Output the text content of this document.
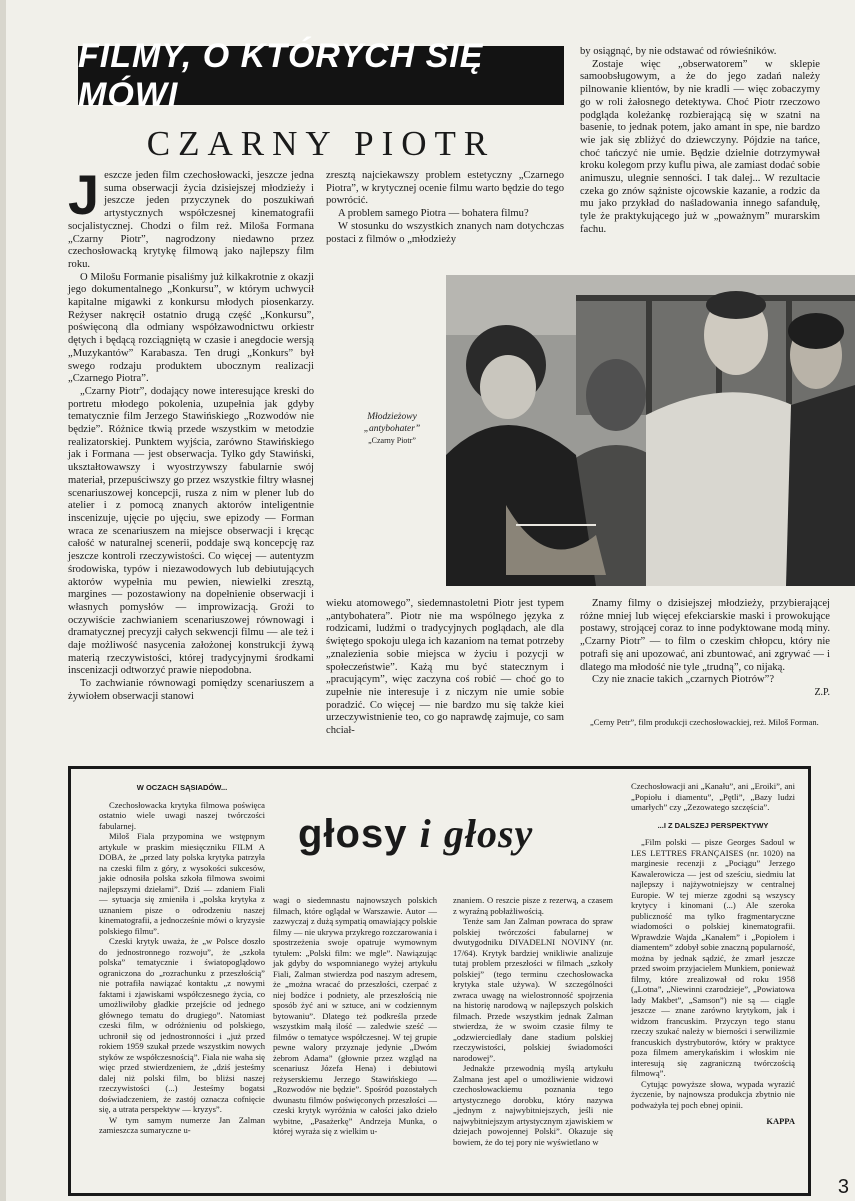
FILMY, O KTÓRYCH SIĘ MÓWI
CZARNY PIOTR

Jeszcze jeden film czechosłowacki, jeszcze jedna suma obserwacji życia dzisiejszej młodzieży i jeszcze jeden przyczynek do poszukiwań artystycznych współczesnej kinematografii socjalistycznej. Chodzi o film reż. Miloša Formana „Czarny Piotr”, nagrodzony niedawno przez czechosłowacką krytykę filmową jako najlepszy film roku.

O Milošu Formanie pisaliśmy już kilkakrotnie z okazji jego dokumentalnego „Konkursu”, w którym uchwycił kapitalne migawki z konkursu młodych piosenkarzy. Reżyser nakręcił ostatnio drugą część „Konkursu”, poświęconą dla odmiany współzawodnictwu orkiestr dętych i będącą rozciągniętą w czasie i anegdocie wersją „Muzykantów” Karabasza. Ten drugi „Konkurs” był swego rodzaju produktem ubocznym realizacji „Czarnego Piotra”.

„Czarny Piotr”, dodający nowe interesujące kreski do portretu młodego pokolenia, uzupełnia jak gdyby tematycznie film Jerzego Stawińskiego „Rozwodów nie będzie”. Różnice tkwią przede wszystkim w metodzie realizatorskiej. Punktem wyjścia, zarówno Stawińskiego jak i Formana — jest obserwacja. Tylko gdy Stawiński, ukształtowawszy i wyostrzywszy fabularnie swój materiał, przepuściwszy go przez wszystkie filtry własnej scenariuszowej koncepcji, rusza z nim w plener lub do atelier i z pomocą znanych aktorów inteligentnie inscenizuje, ujęcie po ujęciu, swe epizody — Forman wraca ze scenariuszem na miejsce obserwacji i kręcąc całość w naturalnej scenerii, poddaje swą koncepcję raz jeszcze kontroli rzeczywistości. Co więcej — autentyzm środowiska, typów i niezawodowych lub debiutujących aktorów wypełnia mu pewien, niewielki zresztą, margines — pozostawiony na dopełnienie obserwacji i własnych pomysłów — improwizacją. Groźi to oczywiście zachwianiem scenariuszowej równowagi i dramatycznej precyzji całych sekwencji filmu — ale też i daje możliwość nasycenia założonej konstrukcji żywą materią rzeczywistości, której tradycyjnymi środkami inscenizacji odtworzyć prawie niepodobna.

To zachwianie równowagi pomiędzy scenariuszem a żywiołem obserwacji stanowi

zresztą najciekawszy problem estetyczny „Czarnego Piotra”, w krytycznej ocenie filmu warto będzie do tego powrócić.

A problem samego Piotra — bohatera filmu?

W stosunku do wszystkich znanych nam dotychczas postaci z filmów o „młodzieży

by osiągnąć, by nie odstawać od rówieśników.

Zostaje więc „obserwatorem” w sklepie samoobsługowym, a że do jego zadań należy pilnowanie klientów, by nie kradli — więc zobaczymy go w roli żałosnego detektywa. Choć Piotr rzeczowo podgląda koleżankę rozbierającą się w szatni na basenie, to jednak potem, jako amant in spe, nie bardzo wie jak się zbliżyć do dziewczyny. Pójdzie na tańce, choć tańczyć nie umie. Będzie dzielnie dotrzymywał kroku kolegom przy kuflu piwa, ale zamiast dodać sobie animuszu, ulegnie senności. I tak dalej... W rezultacie czeka go znów sążniste ojcowskie kazanie, a rodzic da mu jako przykład do naśladowania innego safandułę, tyle że praktykującego już w „poważnym” murarskim fachu.

Młodzieżowy
„antybohater”
„Czarny Piotr”

wieku atomowego”, siedemnastoletni Piotr jest typem „antybohatera”. Piotr nie ma wspólnego języka z rodzicami, ludźmi o tradycyjnych poglądach, ale dla świętego spokoju ulega ich kazaniom na temat potrzeby „znalezienia sobie miejsca w życiu i pozycji w społeczeństwie”. Każą mu być statecznym i „pracującym”, więc zaczyna coś robić — choć go to zupełnie nie interesuje i z niczym nie umie sobie poradzić. Co więcej — nie bardzo mu się także kiei urzeczywistnienie teo, co go naprawdę zajmuje, co sam chciał-

Znamy filmy o dzisiejszej młodzieży, przybierającej różne mniej lub więcej efekciarskie maski i prowokujące postawy, strojącej coraz to inne podyktowane modą miny. „Czarny Piotr” — to film o czeskim chłopcu, który nie potrafi się ani upozować, ani zbuntować, ani zgrywać — i dlatego ma młodość nie tyle „trudną”, co nijaką.

Czy nie znacie takich „czarnych Piotrów”?

Z.P.
„Cerny Petr”, film produkcji czechosłowackiej, reż. Miloš Forman.
W OCZACH SĄSIADÓW...

Czechosłowacka krytyka filmowa poświęca ostatnio wiele uwagi naszej twórczości fabularnej.

Miloš Fiala przypomina we wstępnym artykule w praskim miesięczniku FILM A DOBA, że „przed laty polska krytyka patrzyła na czeski film z góry, z wysokości sukcesów, jakie odnosiła polska szkoła filmowa swoimi najlepszymi dziełami”. Dziś — zdaniem Fiali — sytuacja się zmieniła i „polska krytyka z uznaniem pisze o odrodzeniu naszej kinematografii, a jednocześnie mówi o kryzysie polskiego filmu”.

Czeski krytyk uważa, że „w Polsce doszło do jednostronnego rozwoju”, że „szkoła polska” tematycznie i światopoglądowo ograniczona do „rozrachunku z przeszłością” nie potrafiła nawiązać kontaktu „z nowymi faktami i zjawiskami współczesnego życia, co umożliwiłoby gładkie przejście od jednego głównego tematu do drugiego”. Natomiast czeski film, w odróżnieniu od polskiego, uchronił się od jednostronności i „już przed rokiem 1959 szukał przede wszystkim nowych styków ze współczesnością”. Fiala nie waha się więc przed stwierdzeniem, że „dziś jesteśmy dalej niż polski film, bo bliżsi naszej rzeczywistości (...) Jesteśmy bogatsi doświadczeniem, że zastój oznacza cofnięcie się, a utrata perspektyw — kryzys”.

W tym samym numerze Jan Zalman zamieszcza sumaryczne u-

wagi o siedemnastu najnowszych polskich filmach, które oglądał w Warszawie. Autor — zazwyczaj z dużą sympatią omawiający polskie filmy — nie ukrywa przykrego rozczarowania i spostrzeżenia swoje opatruje wymownym tytułem: „Polski film: we mgle”. Nawiązując jak gdyby do wspomnianego wyżej artykułu Fiali, Zalman stwierdza pod naszym adresem, że „można wracać do przeszłości, czerpać z niej bodźce i podniety, ale przeszłością nie sposób żyć ani w sztuce, ani w codziennym bytowaniu”. Dlatego też podkreśla przede wszystkim małą ilość — zaledwie sześć — filmów o tematyce współczesnej. W tej grupie pewne walory przyznaje jedynie „Dwóm żebrom Adama” (głownie przez wzgląd na scenariusz Józefa Hena) i debiutowi reżyserskiemu Jerzego Stawińskiego — „Rozwodów nie będzie”. Spośród pozostałych dwunastu filmów poświęconych przeszłości — czeski krytyk wyróżnia w całości jako dzieło wybitne, „Pasażerkę” Andrzeja Munka, o której wyraża się z wielkim u-

znaniem. O reszcie pisze z rezerwą, a czasem z wyraźną pobłażliwością.

Tenże sam Jan Zalman powraca do spraw polskiej twórczości fabularnej w dwutygodniku DIVADELNI NOVINY (nr. 17/64). Krytyk bardziej wnikliwie analizuje tutaj problem przeszłości w filmach „szkoły polskiej” (tego terminu czechosłowacka krytyka stale używa). W szczególności zwraca uwagę na wielostronność spojrzenia na historię narodową w najlepszych polskich filmach. Przede wszystkim jednak Zalman stwierdza, że w swoim czasie filmy te „odzwierciedlały dane stadium polskiej rzeczywistości, polskiej świadomości narodowej”.

Jednakże przewodnią myślą artykułu Zalmana jest apel o umożliwienie widzowi czechosłowackiemu poznania tego artystycznego dorobku, który nazywa „jednym z najwybitniejszych, jeśli nie najwybitniejszym artystycznym zjawiskiem w dziejach powojennej Polski”. Okazuje się bowiem, że do tej pory nie wyświetlano w

Czechosłowacji ani „Kanału”, ani „Eroiki”, ani „Popiołu i diamentu”, „Pętli”, „Bazy ludzi umarłych” czy „Zezowatego szczęścia”.

...I Z DALSZEJ PERSPEKTYWY

„Film polski — pisze Georges Sadoul w LES LETTRES FRANÇAISES (nr. 1020) na marginesie recenzji z „Pociągu” Jerzego Kawalerowicza — jest od sześciu, siedmiu lat najlepszy i najżywotniejszy w centralnej Europie. W tej mierze zgodni są wszyscy krytycy i kinomani (...) Ale szeroka publiczność ma tylko fragmentaryczne wiadomości o polskiej kinematografii. Wprawdzie Wajda „Kanałem” i „Popiołem i diamentem” zdobył sobie znaczną popularność, można by jednak sądzić, że zmarł jeszcze przed swoim przyjacielem Munkiem, ponieważ filmy, które zrealizował od roku 1958 („Lotna”, „Niewinni czarodzieje”, „Powiatowa lady Makbet”, „Samson”) nie są — ciągle jeszcze — znane zarówno krytykom, jak i widzom francuskim. Przyczyn tego stanu rzeczy szukać należy w bierności i serwilizmie francuskich dystrybutorów, który w praktyce poza filmem amerykańskim i włoskim nie interesują się zagraniczną twórczością filmową”.

Cytując powyższe słowa, wypada wyrazić życzenie, by najnowsza produkcja zbytnio nie podważyła tej poch ebnej opinii.

KAPPA
głosy i głosy
3
